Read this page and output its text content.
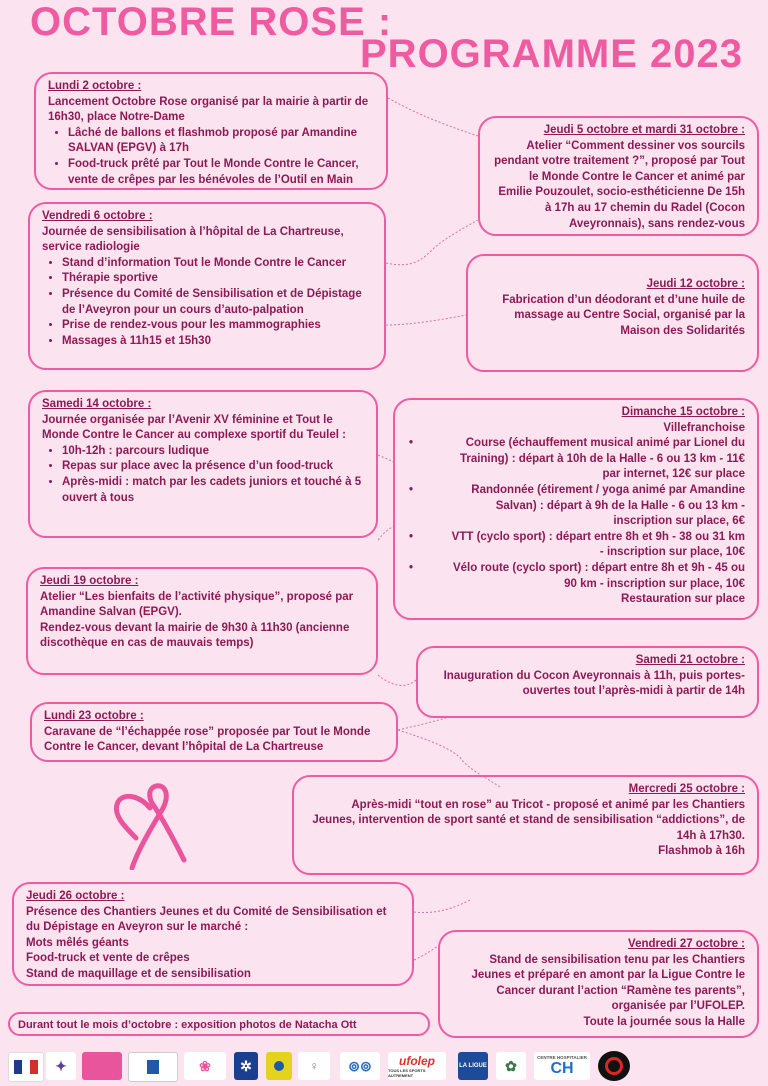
OCTOBRE ROSE :
PROGRAMME 2023
Lundi 2 octobre :
Lancement Octobre Rose organisé par la mairie à partir de 16h30, place Notre-Dame
• Lâché de ballons et flashmob proposé par Amandine SALVAN (EPGV) à 17h
• Food-truck prêté par Tout le Monde Contre le Cancer, vente de crêpes par les bénévoles de l’Outil en Main
Jeudi 5 octobre et mardi 31 octobre :
Atelier “Comment dessiner vos sourcils pendant votre traitement ?”, proposé par Tout le Monde Contre le Cancer et animé par Emilie Pouzoulet, socio-esthéticienne De 15h à 17h au 17 chemin du Radel (Cocon Aveyronnais), sans rendez-vous
Vendredi 6 octobre :
Journée de sensibilisation à l’hôpital de La Chartreuse, service radiologie
• Stand d’information Tout le Monde Contre le Cancer
• Thérapie sportive
• Présence du Comité de Sensibilisation et de Dépistage de l’Aveyron pour un cours d’auto-palpation
• Prise de rendez-vous pour les mammographies
• Massages à 11h15 et 15h30
Jeudi 12 octobre :
Fabrication d’un déodorant et d’une huile de massage au Centre Social, organisé par la Maison des Solidarités
Samedi 14 octobre :
Journée organisée par l’Avenir XV féminine et Tout le Monde Contre le Cancer au complexe sportif du Teulel :
• 10h-12h : parcours ludique
• Repas sur place avec la présence d’un food-truck
• Après-midi : match par les cadets juniors et touché à 5 ouvert à tous
Dimanche 15 octobre :
Villefranchoise
• Course (échauffement musical animé par Lionel du Training) : départ à 10h de la Halle - 6 ou 13 km - 11€ par internet, 12€ sur place
• Randonnée (étirement / yoga animé par Amandine Salvan) : départ à 9h de la Halle - 6 ou 13 km - inscription sur place, 6€
• VTT (cyclo sport) : départ entre 8h et 9h - 38 ou 31 km - inscription sur place, 10€
• Vélo route (cyclo sport) : départ entre 8h et 9h - 45 ou 90 km - inscription sur place, 10€
Restauration sur place
Jeudi 19 octobre :
Atelier “Les bienfaits de l’activité physique”, proposé par Amandine Salvan (EPGV).
Rendez-vous devant la mairie de 9h30 à 11h30 (ancienne discothèque en cas de mauvais temps)
Samedi 21 octobre :
Inauguration du Cocon Aveyronnais à 11h, puis portes-ouvertes tout l’après-midi à partir de 14h
Lundi 23 octobre :
Caravane de “l’échappée rose” proposée par Tout le Monde Contre le Cancer, devant l’hôpital de La Chartreuse
Mercredi 25 octobre :
Après-midi “tout en rose” au Tricot - proposé et animé par les Chantiers Jeunes, intervention de sport santé et stand de sensibilisation “addictions”, de 14h à 17h30.
Flashmob à 16h
Jeudi 26 octobre :
Présence des Chantiers Jeunes et du Comité de Sensibilisation et du Dépistage en Aveyron sur le marché :
Mots mêlés géants
Food-truck et vente de crêpes
Stand de maquillage et de sensibilisation
Vendredi 27 octobre :
Stand de sensibilisation tenu par les Chantiers Jeunes et préparé en amont par la Ligue Contre le Cancer durant l’action “Ramène tes parents”, organisée par l’UFOLEP.
Toute la journée sous la Halle
Durant tout le mois d’octobre : exposition photos de Natacha Ott
✦	❀	✲	♀ ⊚⊚ ufolep
TOUS LES SPORTS AUTREMENT
LA LIGUE ✿
CENTRE HOSPITALIER
CH
